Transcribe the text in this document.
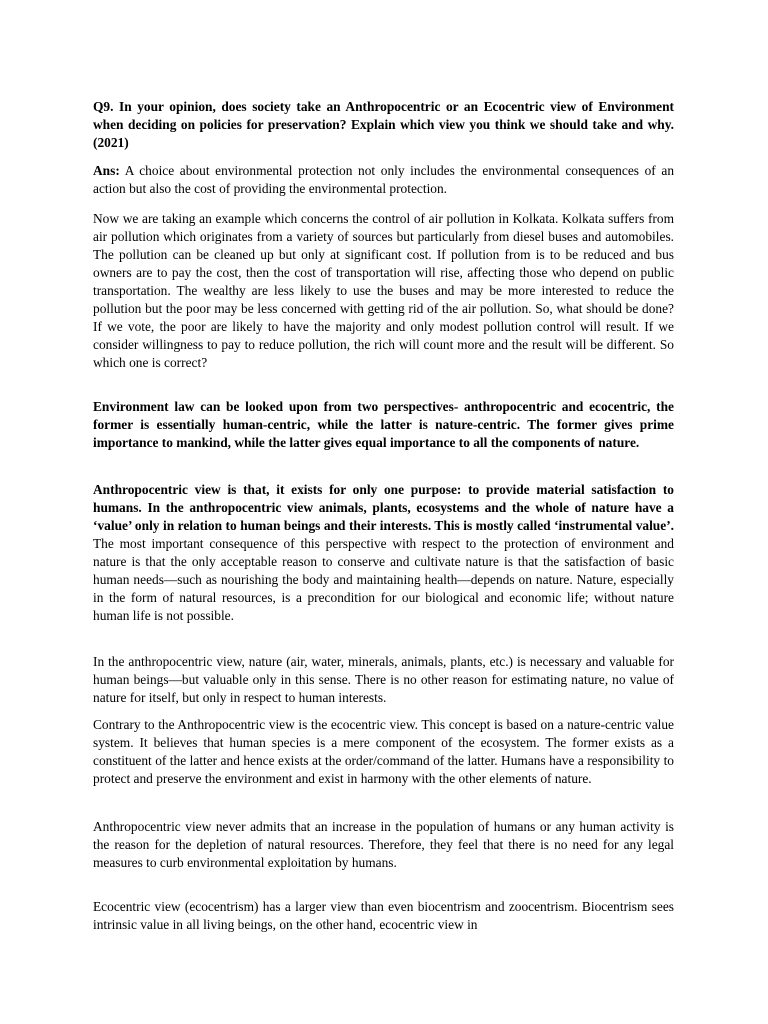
Q9. In your opinion, does society take an Anthropocentric or an Ecocentric view of Environment when deciding on policies for preservation? Explain which view you think we should take and why. (2021)

Ans: A choice about environmental protection not only includes the environmental consequences of an action but also the cost of providing the environmental protection.

Now we are taking an example which concerns the control of air pollution in Kolkata. Kolkata suffers from air pollution which originates from a variety of sources but particularly from diesel buses and automobiles. The pollution can be cleaned up but only at significant cost. If pollution from is to be reduced and bus owners are to pay the cost, then the cost of transportation will rise, affecting those who depend on public transportation. The wealthy are less likely to use the buses and may be more interested to reduce the pollution but the poor may be less concerned with getting rid of the air pollution. So, what should be done? If we vote, the poor are likely to have the majority and only modest pollution control will result. If we consider willingness to pay to reduce pollution, the rich will count more and the result will be different. So which one is correct?

Environment law can be looked upon from two perspectives- anthropocentric and ecocentric, the former is essentially human-centric, while the latter is nature-centric. The former gives prime importance to mankind, while the latter gives equal importance to all the components of nature.

Anthropocentric view is that, it exists for only one purpose: to provide material satisfaction to humans. In the anthropocentric view animals, plants, ecosystems and the whole of nature have a ‘value’ only in relation to human beings and their interests. This is mostly called ‘instrumental value’. The most important consequence of this perspective with respect to the protection of environment and nature is that the only acceptable reason to conserve and cultivate nature is that the satisfaction of basic human needs—such as nourishing the body and maintaining health—depends on nature. Nature, especially in the form of natural resources, is a precondition for our biological and economic life; without nature human life is not possible.

In the anthropocentric view, nature (air, water, minerals, animals, plants, etc.) is necessary and valuable for human beings—but valuable only in this sense. There is no other reason for estimating nature, no value of nature for itself, but only in respect to human interests.

Contrary to the Anthropocentric view is the ecocentric view. This concept is based on a nature-centric value system. It believes that human species is a mere component of the ecosystem. The former exists as a constituent of the latter and hence exists at the order/command of the latter. Humans have a responsibility to protect and preserve the environment and exist in harmony with the other elements of nature.

Anthropocentric view never admits that an increase in the population of humans or any human activity is the reason for the depletion of natural resources. Therefore, they feel that there is no need for any legal measures to curb environmental exploitation by humans.

Ecocentric view (ecocentrism) has a larger view than even biocentrism and zoocentrism. Biocentrism sees intrinsic value in all living beings, on the other hand, ecocentric view in
